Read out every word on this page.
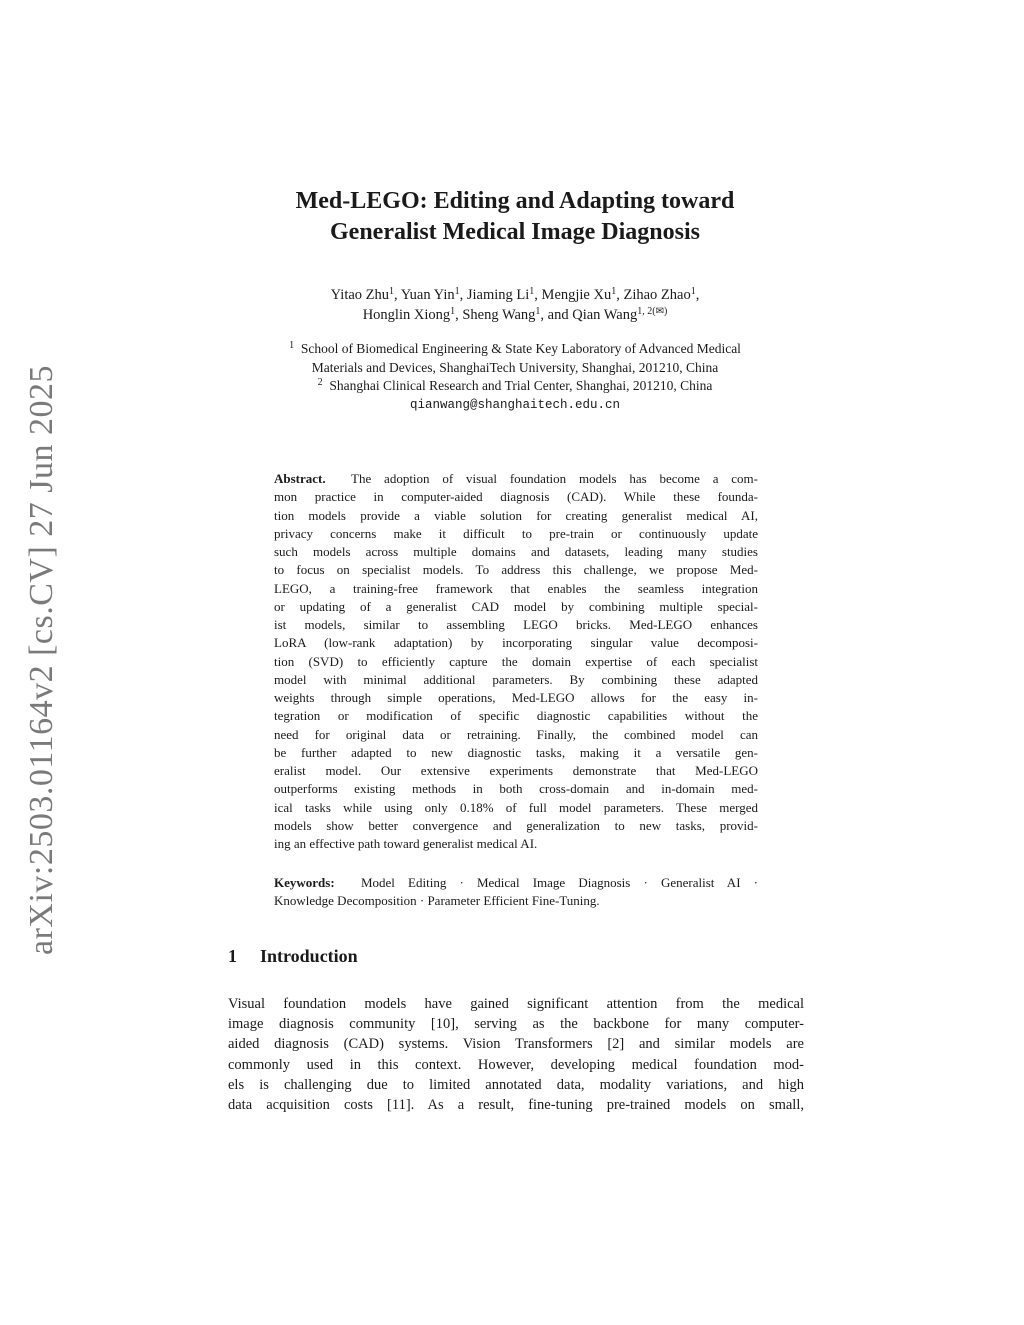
arXiv:2503.01164v2 [cs.CV] 27 Jun 2025
Med-LEGO: Editing and Adapting toward
Generalist Medical Image Diagnosis
Yitao Zhu$^1$, Yuan Yin$^1$, Jiaming Li$^1$, Mengjie Xu$^1$, Zihao Zhao$^1$,
Honglin Xiong$^1$, Sheng Wang$^1$, and Qian Wang$^{1, 2(✉)}$
$^1$ School of Biomedical Engineering & State Key Laboratory of Advanced Medical
Materials and Devices, ShanghaiTech University, Shanghai, 201210, China
$^2$ Shanghai Clinical Research and Trial Center, Shanghai, 201210, China
qianwang@shanghaitech.edu.cn
Abstract. The adoption of visual foundation models has become a com-
mon practice in computer-aided diagnosis (CAD). While these founda-
tion models provide a viable solution for creating generalist medical AI,
privacy concerns make it difficult to pre-train or continuously update
such models across multiple domains and datasets, leading many studies
to focus on specialist models. To address this challenge, we propose Med-
LEGO, a training-free framework that enables the seamless integration
or updating of a generalist CAD model by combining multiple special-
ist models, similar to assembling LEGO bricks. Med-LEGO enhances
LoRA (low-rank adaptation) by incorporating singular value decomposi-
tion (SVD) to efficiently capture the domain expertise of each specialist
model with minimal additional parameters. By combining these adapted
weights through simple operations, Med-LEGO allows for the easy in-
tegration or modification of specific diagnostic capabilities without the
need for original data or retraining. Finally, the combined model can
be further adapted to new diagnostic tasks, making it a versatile gen-
eralist model. Our extensive experiments demonstrate that Med-LEGO
outperforms existing methods in both cross-domain and in-domain med-
ical tasks while using only 0.18% of full model parameters. These merged
models show better convergence and generalization to new tasks, provid-
ing an effective path toward generalist medical AI.
Keywords: Model Editing · Medical Image Diagnosis · Generalist AI ·
Knowledge Decomposition · Parameter Efficient Fine-Tuning.
1 Introduction
Visual foundation models have gained significant attention from the medical
image diagnosis community [10], serving as the backbone for many computer-
aided diagnosis (CAD) systems. Vision Transformers [2] and similar models are
commonly used in this context. However, developing medical foundation mod-
els is challenging due to limited annotated data, modality variations, and high
data acquisition costs [11]. As a result, fine-tuning pre-trained models on small,
